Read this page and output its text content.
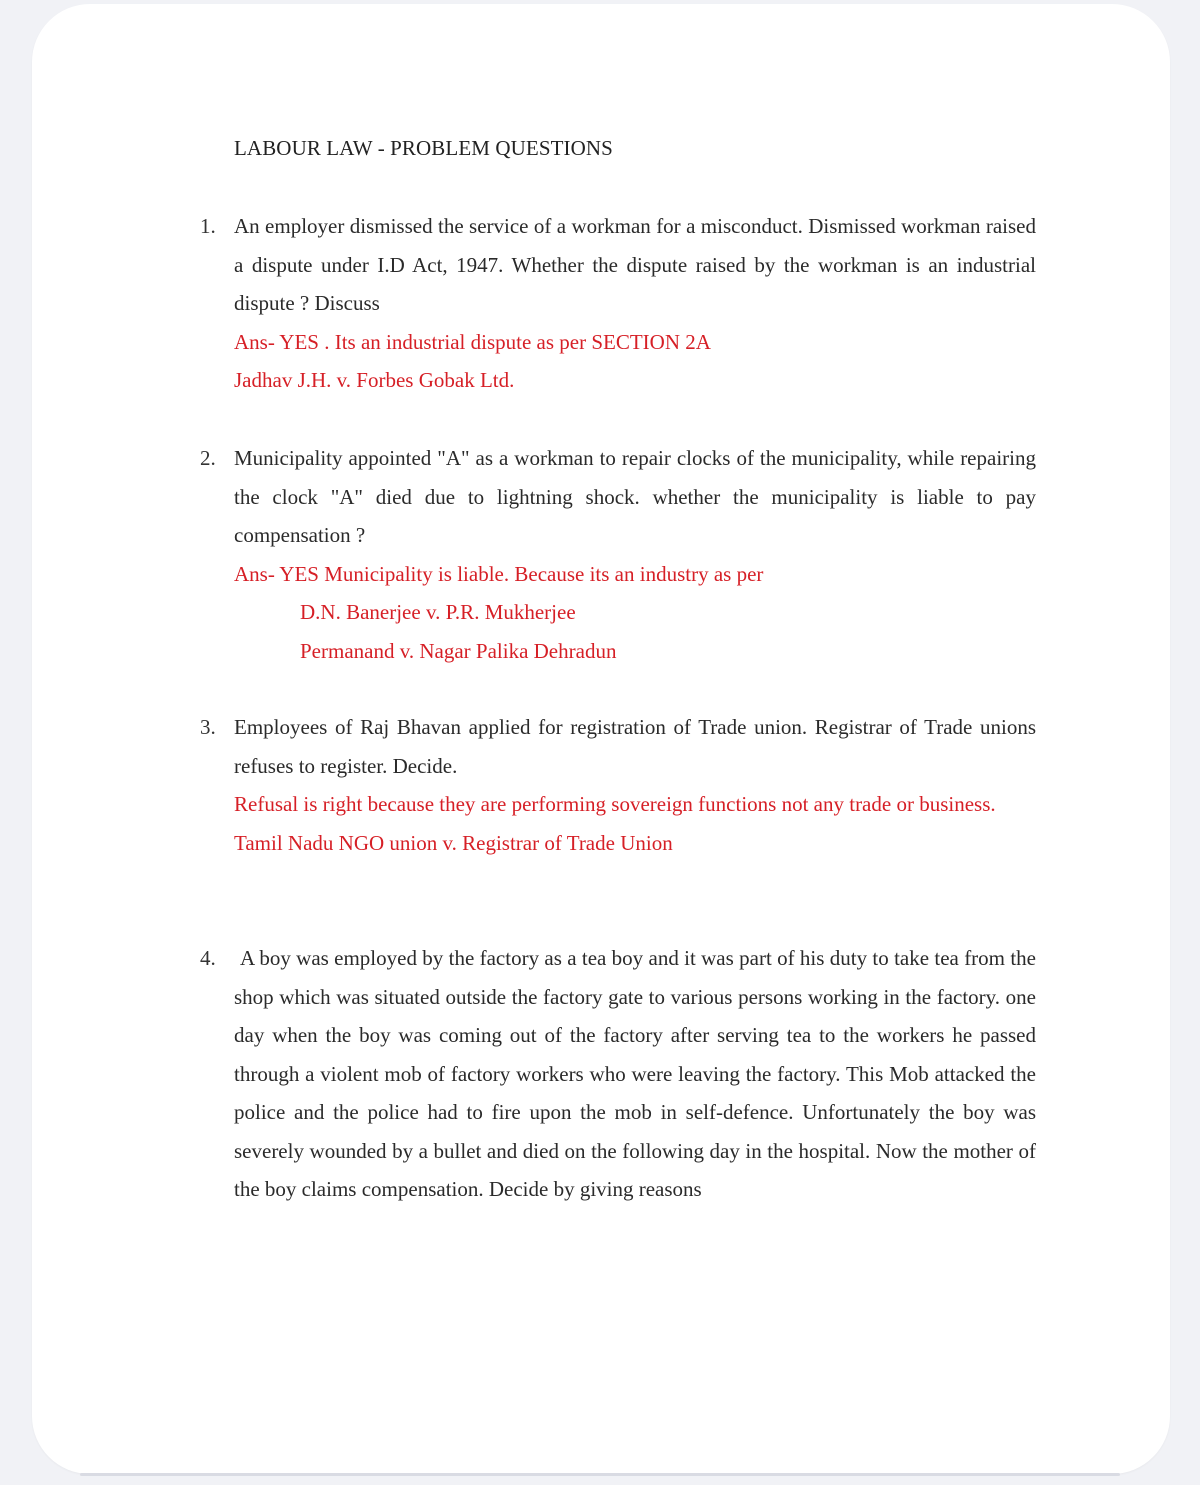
LABOUR LAW - PROBLEM QUESTIONS
1. An employer dismissed the service of a workman for a misconduct. Dismissed workman raised a dispute under I.D Act, 1947. Whether the dispute raised by the workman is an industrial dispute ? Discuss
Ans- YES . Its an industrial dispute as per SECTION 2A
Jadhav J.H. v. Forbes Gobak Ltd.
2. Municipality appointed "A" as a workman to repair clocks of the municipality, while repairing the clock "A" died due to lightning shock. whether the municipality is liable to pay compensation ?
Ans- YES Municipality is liable. Because its an industry as per
D.N. Banerjee v. P.R. Mukherjee
Permanand v. Nagar Palika Dehradun
3. Employees of Raj Bhavan applied for registration of Trade union. Registrar of Trade unions refuses to register. Decide.
Refusal is right because they are performing sovereign functions not any trade or business.
Tamil Nadu NGO union v. Registrar of Trade Union
4.	A boy was employed by the factory as a tea boy and it was part of his duty to take tea from the shop which was situated outside the factory gate to various persons working in the factory. one day when the boy was coming out of the factory after serving tea to the workers he passed through a violent mob of factory workers who were leaving the factory. This Mob attacked the police and the police had to fire upon the mob in self-defence. Unfortunately the boy was severely wounded by a bullet and died on the following day in the hospital. Now the mother of the boy claims compensation. Decide by giving reasons
